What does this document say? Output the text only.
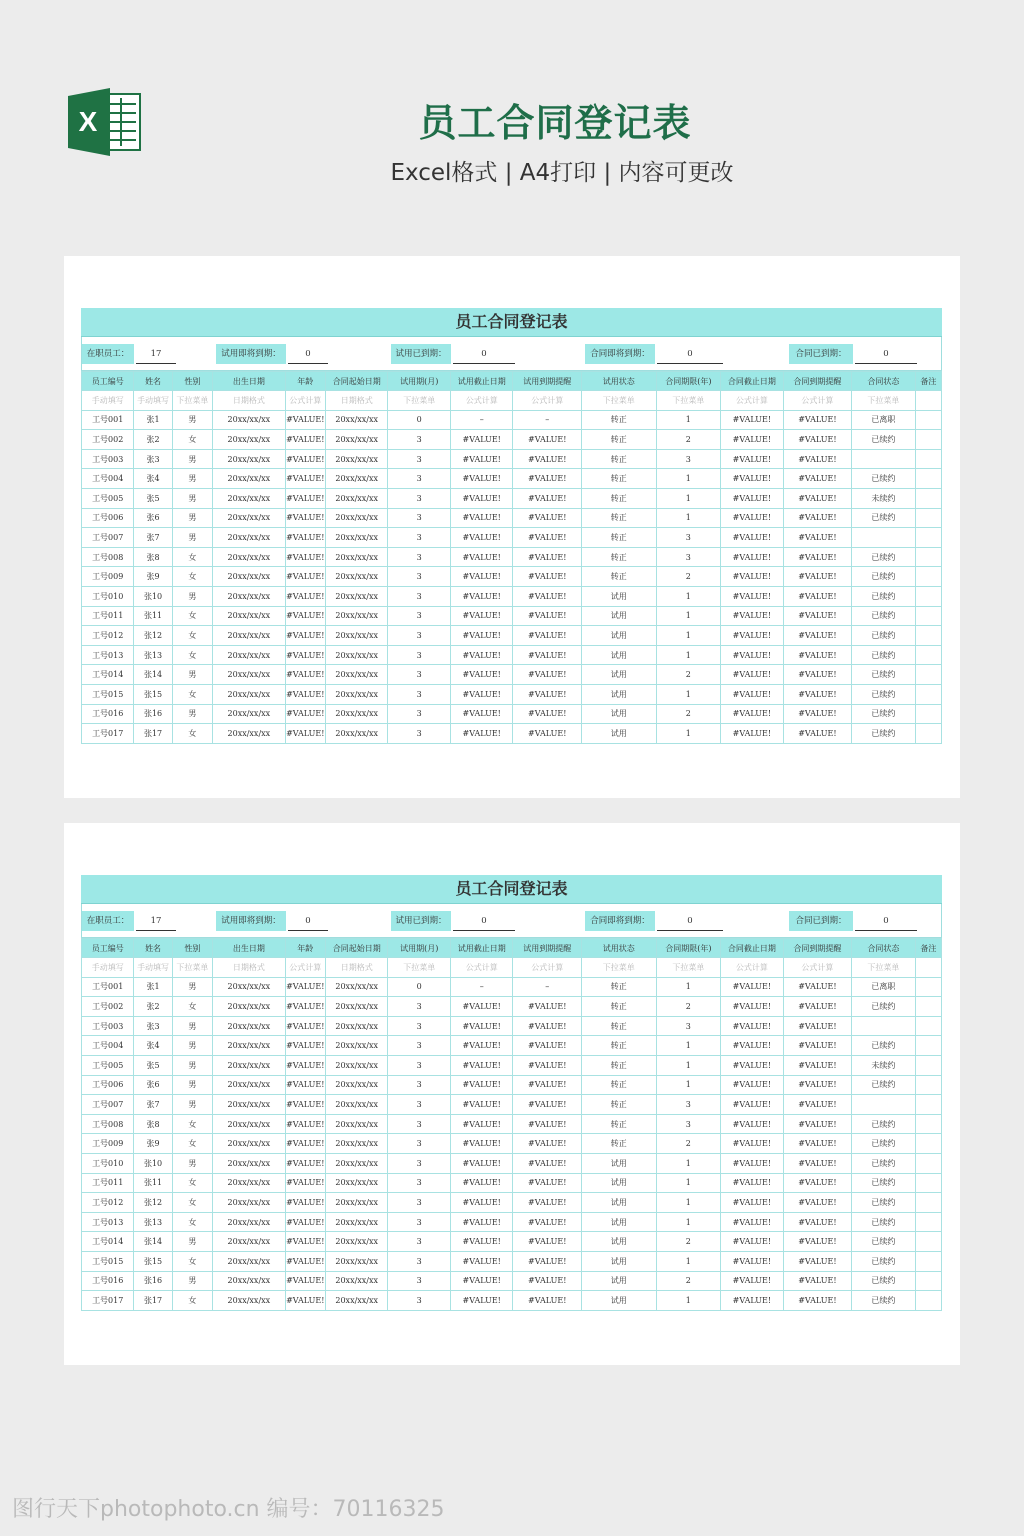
X	员工合同登记表
Excel格式 | A4打印 | 内容可更改
员工合同登记表
在职员工：	17	试用即将到期：	0	试用已到期：	0	合同即将到期：	0	合同已到期：	0
员工编号	姓名	性别	出生日期	年龄	合同起始日期	试用期(月)	试用截止日期	试用到期提醒	试用状态	合同期限(年)	合同截止日期	合同到期提醒	合同状态	备注
手动填写	手动填写	下拉菜单	日期格式	公式计算	日期格式	下拉菜单	公式计算	公式计算	下拉菜单	下拉菜单	公式计算	公式计算	下拉菜单	
工号001	张1	男	20xx/xx/xx	#VALUE!	20xx/xx/xx	0	–	–	转正	1	#VALUE!	#VALUE!	已离职	
工号002	张2	女	20xx/xx/xx	#VALUE!	20xx/xx/xx	3	#VALUE!	#VALUE!	转正	2	#VALUE!	#VALUE!	已续约	
工号003	张3	男	20xx/xx/xx	#VALUE!	20xx/xx/xx	3	#VALUE!	#VALUE!	转正	3	#VALUE!	#VALUE!		
工号004	张4	男	20xx/xx/xx	#VALUE!	20xx/xx/xx	3	#VALUE!	#VALUE!	转正	1	#VALUE!	#VALUE!	已续约	
工号005	张5	男	20xx/xx/xx	#VALUE!	20xx/xx/xx	3	#VALUE!	#VALUE!	转正	1	#VALUE!	#VALUE!	未续约	
工号006	张6	男	20xx/xx/xx	#VALUE!	20xx/xx/xx	3	#VALUE!	#VALUE!	转正	1	#VALUE!	#VALUE!	已续约	
工号007	张7	男	20xx/xx/xx	#VALUE!	20xx/xx/xx	3	#VALUE!	#VALUE!	转正	3	#VALUE!	#VALUE!		
工号008	张8	女	20xx/xx/xx	#VALUE!	20xx/xx/xx	3	#VALUE!	#VALUE!	转正	3	#VALUE!	#VALUE!	已续约	
工号009	张9	女	20xx/xx/xx	#VALUE!	20xx/xx/xx	3	#VALUE!	#VALUE!	转正	2	#VALUE!	#VALUE!	已续约	
工号010	张10	男	20xx/xx/xx	#VALUE!	20xx/xx/xx	3	#VALUE!	#VALUE!	试用	1	#VALUE!	#VALUE!	已续约	
工号011	张11	女	20xx/xx/xx	#VALUE!	20xx/xx/xx	3	#VALUE!	#VALUE!	试用	1	#VALUE!	#VALUE!	已续约	
工号012	张12	女	20xx/xx/xx	#VALUE!	20xx/xx/xx	3	#VALUE!	#VALUE!	试用	1	#VALUE!	#VALUE!	已续约	
工号013	张13	女	20xx/xx/xx	#VALUE!	20xx/xx/xx	3	#VALUE!	#VALUE!	试用	1	#VALUE!	#VALUE!	已续约	
工号014	张14	男	20xx/xx/xx	#VALUE!	20xx/xx/xx	3	#VALUE!	#VALUE!	试用	2	#VALUE!	#VALUE!	已续约	
工号015	张15	女	20xx/xx/xx	#VALUE!	20xx/xx/xx	3	#VALUE!	#VALUE!	试用	1	#VALUE!	#VALUE!	已续约	
工号016	张16	男	20xx/xx/xx	#VALUE!	20xx/xx/xx	3	#VALUE!	#VALUE!	试用	2	#VALUE!	#VALUE!	已续约	
工号017	张17	女	20xx/xx/xx	#VALUE!	20xx/xx/xx	3	#VALUE!	#VALUE!	试用	1	#VALUE!	#VALUE!	已续约	
员工合同登记表
在职员工：	17	试用即将到期：	0	试用已到期：	0	合同即将到期：	0	合同已到期：	0
员工编号	姓名	性别	出生日期	年龄	合同起始日期	试用期(月)	试用截止日期	试用到期提醒	试用状态	合同期限(年)	合同截止日期	合同到期提醒	合同状态	备注
手动填写	手动填写	下拉菜单	日期格式	公式计算	日期格式	下拉菜单	公式计算	公式计算	下拉菜单	下拉菜单	公式计算	公式计算	下拉菜单	
工号001	张1	男	20xx/xx/xx	#VALUE!	20xx/xx/xx	0	–	–	转正	1	#VALUE!	#VALUE!	已离职	
工号002	张2	女	20xx/xx/xx	#VALUE!	20xx/xx/xx	3	#VALUE!	#VALUE!	转正	2	#VALUE!	#VALUE!	已续约	
工号003	张3	男	20xx/xx/xx	#VALUE!	20xx/xx/xx	3	#VALUE!	#VALUE!	转正	3	#VALUE!	#VALUE!		
工号004	张4	男	20xx/xx/xx	#VALUE!	20xx/xx/xx	3	#VALUE!	#VALUE!	转正	1	#VALUE!	#VALUE!	已续约	
工号005	张5	男	20xx/xx/xx	#VALUE!	20xx/xx/xx	3	#VALUE!	#VALUE!	转正	1	#VALUE!	#VALUE!	未续约	
工号006	张6	男	20xx/xx/xx	#VALUE!	20xx/xx/xx	3	#VALUE!	#VALUE!	转正	1	#VALUE!	#VALUE!	已续约	
工号007	张7	男	20xx/xx/xx	#VALUE!	20xx/xx/xx	3	#VALUE!	#VALUE!	转正	3	#VALUE!	#VALUE!		
工号008	张8	女	20xx/xx/xx	#VALUE!	20xx/xx/xx	3	#VALUE!	#VALUE!	转正	3	#VALUE!	#VALUE!	已续约	
工号009	张9	女	20xx/xx/xx	#VALUE!	20xx/xx/xx	3	#VALUE!	#VALUE!	转正	2	#VALUE!	#VALUE!	已续约	
工号010	张10	男	20xx/xx/xx	#VALUE!	20xx/xx/xx	3	#VALUE!	#VALUE!	试用	1	#VALUE!	#VALUE!	已续约	
工号011	张11	女	20xx/xx/xx	#VALUE!	20xx/xx/xx	3	#VALUE!	#VALUE!	试用	1	#VALUE!	#VALUE!	已续约	
工号012	张12	女	20xx/xx/xx	#VALUE!	20xx/xx/xx	3	#VALUE!	#VALUE!	试用	1	#VALUE!	#VALUE!	已续约	
工号013	张13	女	20xx/xx/xx	#VALUE!	20xx/xx/xx	3	#VALUE!	#VALUE!	试用	1	#VALUE!	#VALUE!	已续约	
工号014	张14	男	20xx/xx/xx	#VALUE!	20xx/xx/xx	3	#VALUE!	#VALUE!	试用	2	#VALUE!	#VALUE!	已续约	
工号015	张15	女	20xx/xx/xx	#VALUE!	20xx/xx/xx	3	#VALUE!	#VALUE!	试用	1	#VALUE!	#VALUE!	已续约	
工号016	张16	男	20xx/xx/xx	#VALUE!	20xx/xx/xx	3	#VALUE!	#VALUE!	试用	2	#VALUE!	#VALUE!	已续约	
工号017	张17	女	20xx/xx/xx	#VALUE!	20xx/xx/xx	3	#VALUE!	#VALUE!	试用	1	#VALUE!	#VALUE!	已续约	
图行天下photophoto.cn 编号：70116325
